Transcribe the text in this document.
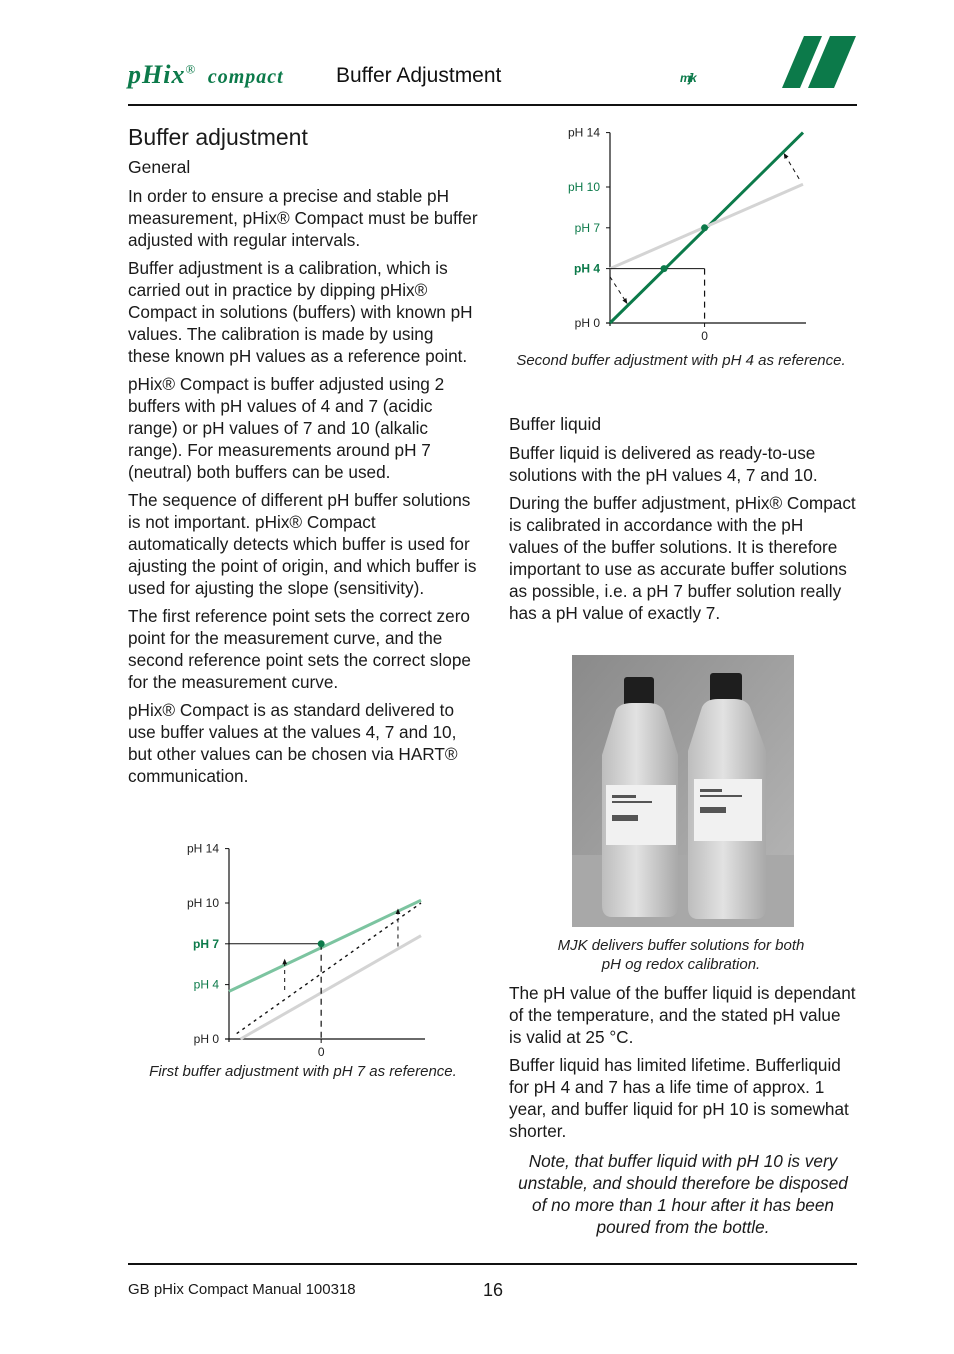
pHix® compact Buffer Adjustment	mjk
Buffer adjustment
General

In order to ensure a precise and stable pH measurement, pHix® Compact must be buffer adjusted with regular intervals.

Buffer adjustment is a calibration, which is carried out in practice by dipping pHix® Compact in solutions (buffers) with known pH values. The calibration is made by using these known pH values as a reference point.

pHix® Compact is buffer adjusted using 2 buffers with pH values of 4 and 7 (acidic range) or pH values of 7 and 10 (alkalic range). For measurements around pH 7 (neutral) both buffers can be used.

The sequence of different pH buffer solutions is not important. pHix® Compact automatically detects which buffer is used for ajusting the point of origin, and which buffer is used for ajusting the slope (sensitivity).

The first reference point sets the correct zero point for the measurement curve, and the second reference point sets the correct slope for the measurement curve.

pHix® Compact is as standard delivered to use buffer values at the values 4, 7 and 10, but other values can be chosen via HART® communication.

pH 14
pH 10
pH 7
pH 4
pH 0
0
First buffer adjustment with pH 7 as reference.
pH 14
pH 10
pH 7
pH 4
pH 0
0
Second buffer adjustment with pH 4 as reference.
Buffer liquid

Buffer liquid is delivered as ready-to-use solutions with the pH values 4, 7 and 10.

During the buffer adjustment, pHix® Compact is calibrated in accordance with the pH values of the buffer solutions. It is therefore important to use as accurate buffer solutions as possible, i.e. a pH 7 buffer solution really has a pH value of exactly 7.

MJK delivers buffer solutions for both
pH og redox calibration.

The pH value of the buffer liquid is dependant of the temperature, and the stated pH value is valid at 25 °C.

Buffer liquid has limited lifetime. Bufferliquid for pH 4 and 7 has a life time of approx. 1 year, and buffer liquid for pH 10 is somewhat shorter.

Note, that buffer liquid with pH 10 is very unstable, and should therefore be disposed of no more than 1 hour after it has been poured from the bottle.

GB pHix Compact Manual 100318	16
